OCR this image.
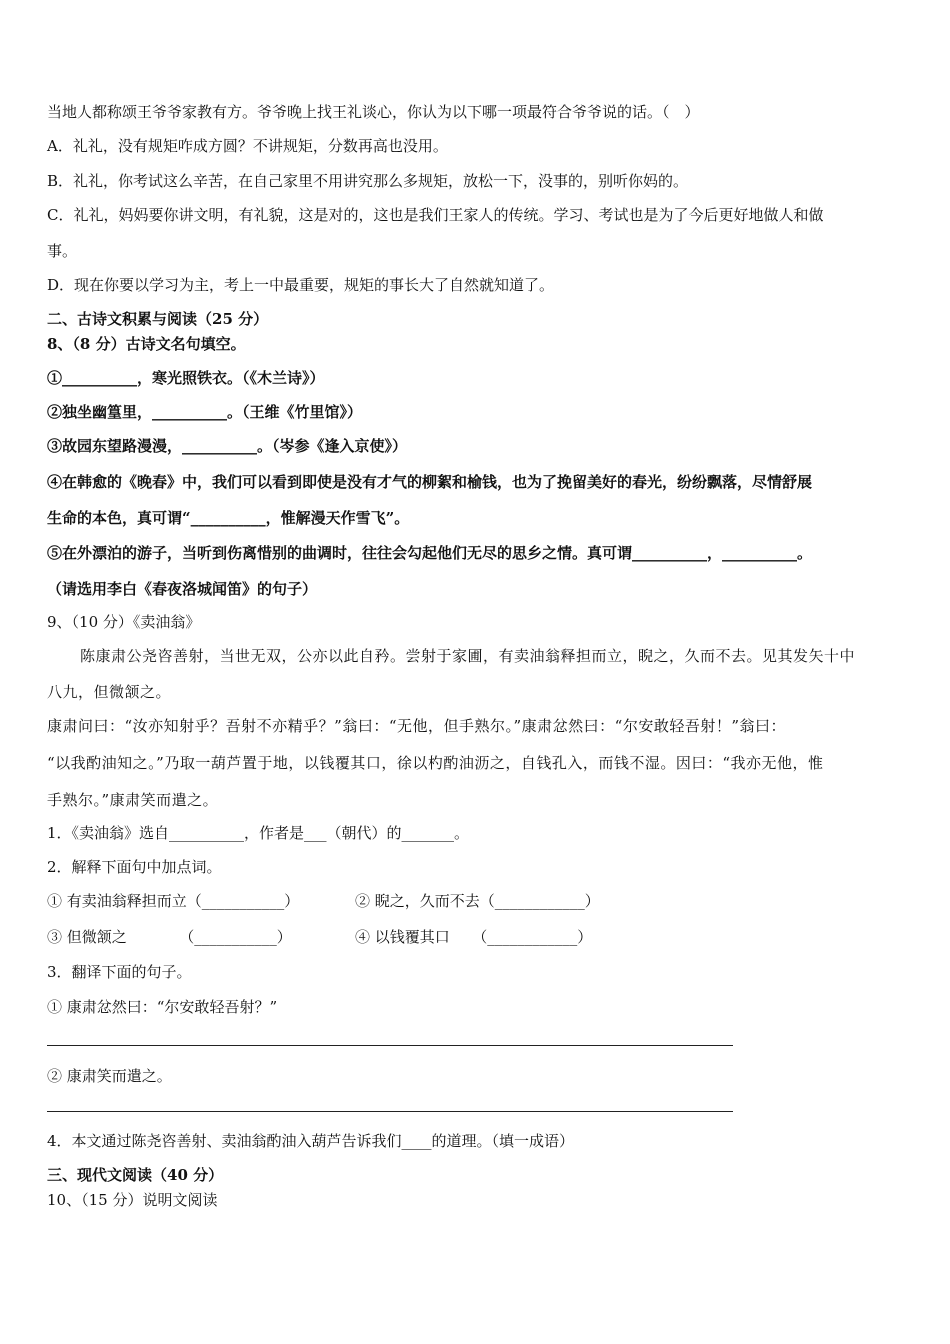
当地人都称颂王爷爷家教有方。爷爷晚上找王礼谈心，你认为以下哪一项最符合爷爷说的话。（　）
A．礼礼，没有规矩咋成方圆？不讲规矩，分数再高也没用。
B．礼礼，你考试这么辛苦，在自己家里不用讲究那么多规矩，放松一下，没事的，别听你妈的。
C．礼礼，妈妈要你讲文明，有礼貌，这是对的，这也是我们王家人的传统。学习、考试也是为了今后更好地做人和做
事。
D．现在你要以学习为主，考上一中最重要，规矩的事长大了自然就知道了。
二、古诗文积累与阅读（25 分）
8、（8 分）古诗文名句填空。
①__________，寒光照铁衣。（《木兰诗》）
②独坐幽篁里，__________。（王维《竹里馆》）
③故园东望路漫漫，__________。（岑参《逢入京使》）
④在韩愈的《晚春》中，我们可以看到即使是没有才气的柳絮和榆钱，也为了挽留美好的春光，纷纷飘落，尽情舒展
生命的本色，真可谓“__________，惟解漫天作雪飞”。
⑤在外漂泊的游子，当听到伤离惜别的曲调时，往往会勾起他们无尽的思乡之情。真可谓__________，__________。
（请选用李白《春夜洛城闻笛》的句子）
9、（10 分）《卖油翁》
陈康肃公尧咨善射，当世无双，公亦以此自矜。尝射于家圃，有卖油翁释担而立，睨之，久而不去。见其发矢十中
八九，但微颔之。
康肃问曰：“汝亦知射乎？吾射不亦精乎？”翁曰：“无他，但手熟尔。”康肃忿然曰：“尔安敢轻吾射！”翁曰：
“以我酌油知之。”乃取一葫芦置于地，以钱覆其口，徐以杓酌油沥之，自钱孔入，而钱不湿。因曰：“我亦无他，惟
手熟尔。”康肃笑而遣之。
1．《卖油翁》选自__________，作者是___（朝代）的_______。
2．解释下面句中加点词。
① 有卖油翁释担而立（___________）	② 睨之，久而不去（____________）
③ 但微颔之　　　　（___________）	④ 以钱覆其口　　（____________）
3．翻译下面的句子。
① 康肃忿然曰：“尔安敢轻吾射？”
② 康肃笑而遣之。
4．本文通过陈尧咨善射、卖油翁酌油入葫芦告诉我们____的道理。（填一成语）
三、现代文阅读（40 分）
10、（15 分）说明文阅读
